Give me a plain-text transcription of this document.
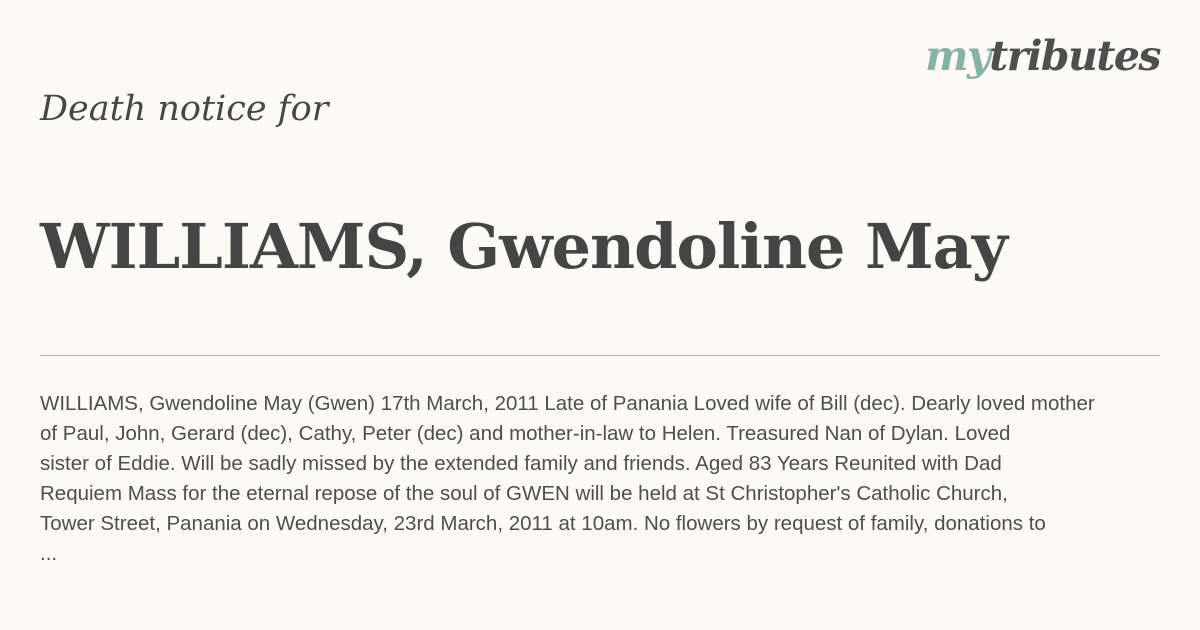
mytributes
Death notice for
WILLIAMS, Gwendoline May

WILLIAMS, Gwendoline May (Gwen) 17th March, 2011 Late of Panania Loved wife of Bill (dec). Dearly loved mother
of Paul, John, Gerard (dec), Cathy, Peter (dec) and mother-in-law to Helen. Treasured Nan of Dylan. Loved
sister of Eddie. Will be sadly missed by the extended family and friends. Aged 83 Years Reunited with Dad
Requiem Mass for the eternal repose of the soul of GWEN will be held at St Christopher's Catholic Church,
Tower Street, Panania on Wednesday, 23rd March, 2011 at 10am. No flowers by request of family, donations to
...
